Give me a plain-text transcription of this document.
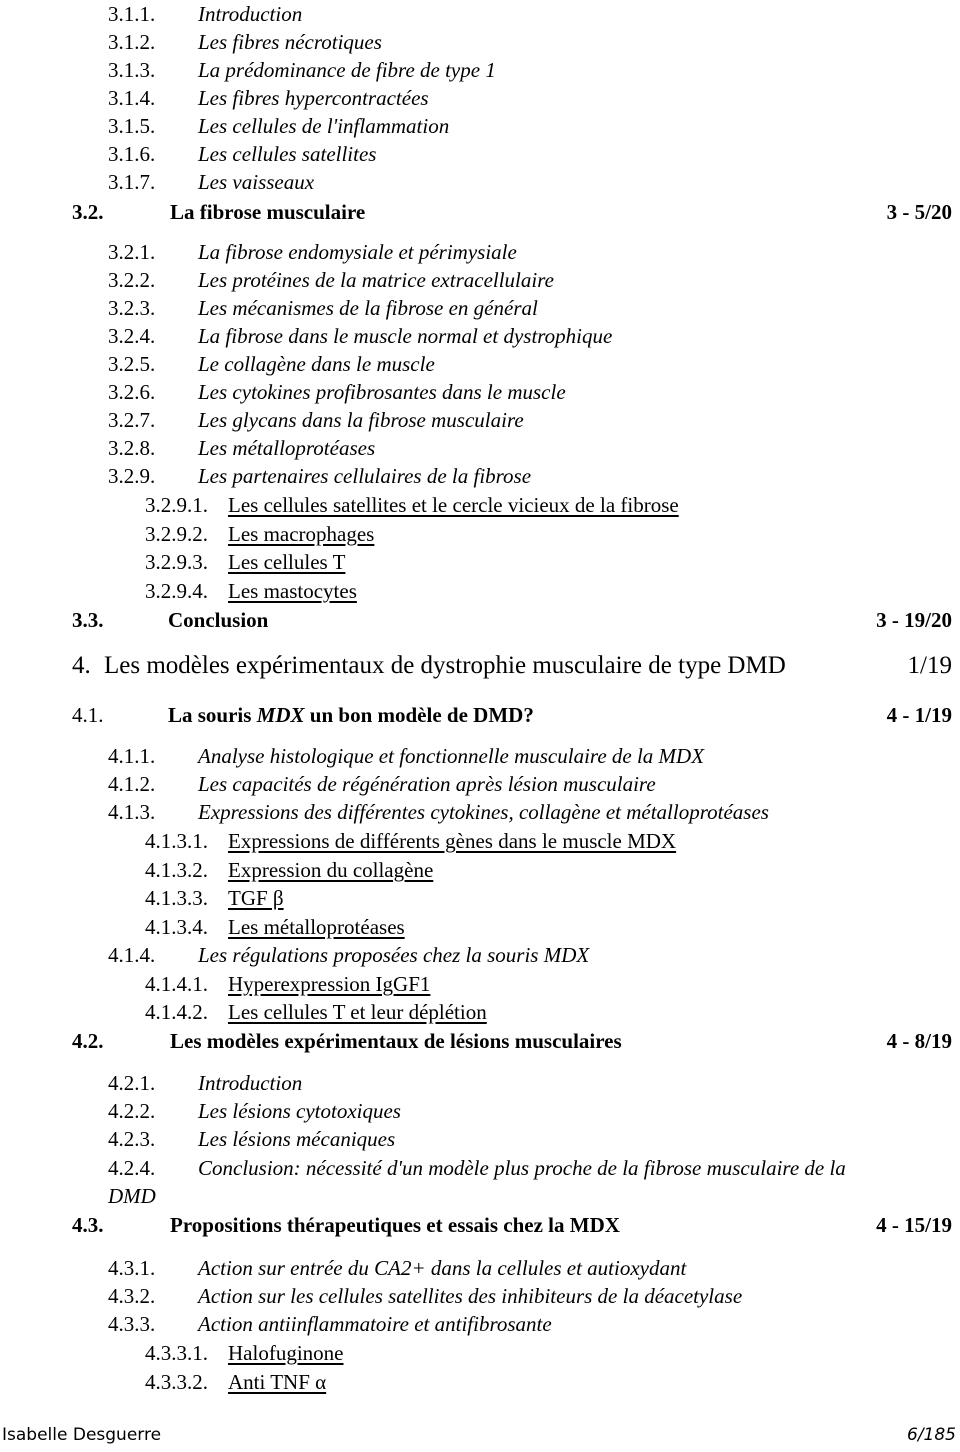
3.1.1. Introduction
3.1.2. Les fibres nécrotiques
3.1.3. La prédominance de fibre de type 1
3.1.4. Les fibres hypercontractées
3.1.5. Les cellules de l'inflammation
3.1.6. Les cellules satellites
3.1.7. Les vaisseaux
3.2.	La fibrose musculaire	3 - 5/20
3.2.1. La fibrose endomysiale et périmysiale
3.2.2. Les protéines de la matrice extracellulaire
3.2.3. Les mécanismes de la fibrose en général
3.2.4. La fibrose dans le muscle normal et dystrophique
3.2.5. Le collagène dans le muscle
3.2.6. Les cytokines profibrosantes dans le muscle
3.2.7. Les glycans dans la fibrose musculaire
3.2.8. Les métalloprotéases
3.2.9. Les partenaires cellulaires de la fibrose
3.2.9.1. Les cellules satellites et le cercle vicieux de la fibrose
3.2.9.2. Les macrophages
3.2.9.3. Les cellules T
3.2.9.4. Les mastocytes
3.3.	Conclusion	3 - 19/20
4. Les modèles expérimentaux de dystrophie musculaire de type DMD	1/19
4.1.	La souris MDX un bon modèle de DMD?	4 - 1/19
4.1.1. Analyse histologique et fonctionnelle musculaire de la MDX
4.1.2. Les capacités de régénération après lésion musculaire
4.1.3. Expressions des différentes cytokines, collagène et métalloprotéases
4.1.3.1. Expressions de différents gènes dans le muscle MDX
4.1.3.2. Expression du collagène
4.1.3.3. TGF β
4.1.3.4. Les métalloprotéases
4.1.4. Les régulations proposées chez la souris MDX
4.1.4.1. Hyperexpression IgGF1
4.1.4.2. Les cellules T et leur déplétion
4.2.	Les modèles expérimentaux de lésions musculaires	4 - 8/19
4.2.1. Introduction
4.2.2. Les lésions cytotoxiques
4.2.3. Les lésions mécaniques
4.2.4. Conclusion: nécessité d'un modèle plus proche de la fibrose musculaire de la
DMD
4.3.	Propositions thérapeutiques et essais chez la MDX	4 - 15/19
4.3.1. Action sur entrée du CA2+ dans la cellules et autioxydant
4.3.2. Action sur les cellules satellites des inhibiteurs de la déacetylase
4.3.3. Action antiinflammatoire et antifibrosante
4.3.3.1. Halofuginone
4.3.3.2. Anti TNF α
Isabelle Desguerre	6/185
